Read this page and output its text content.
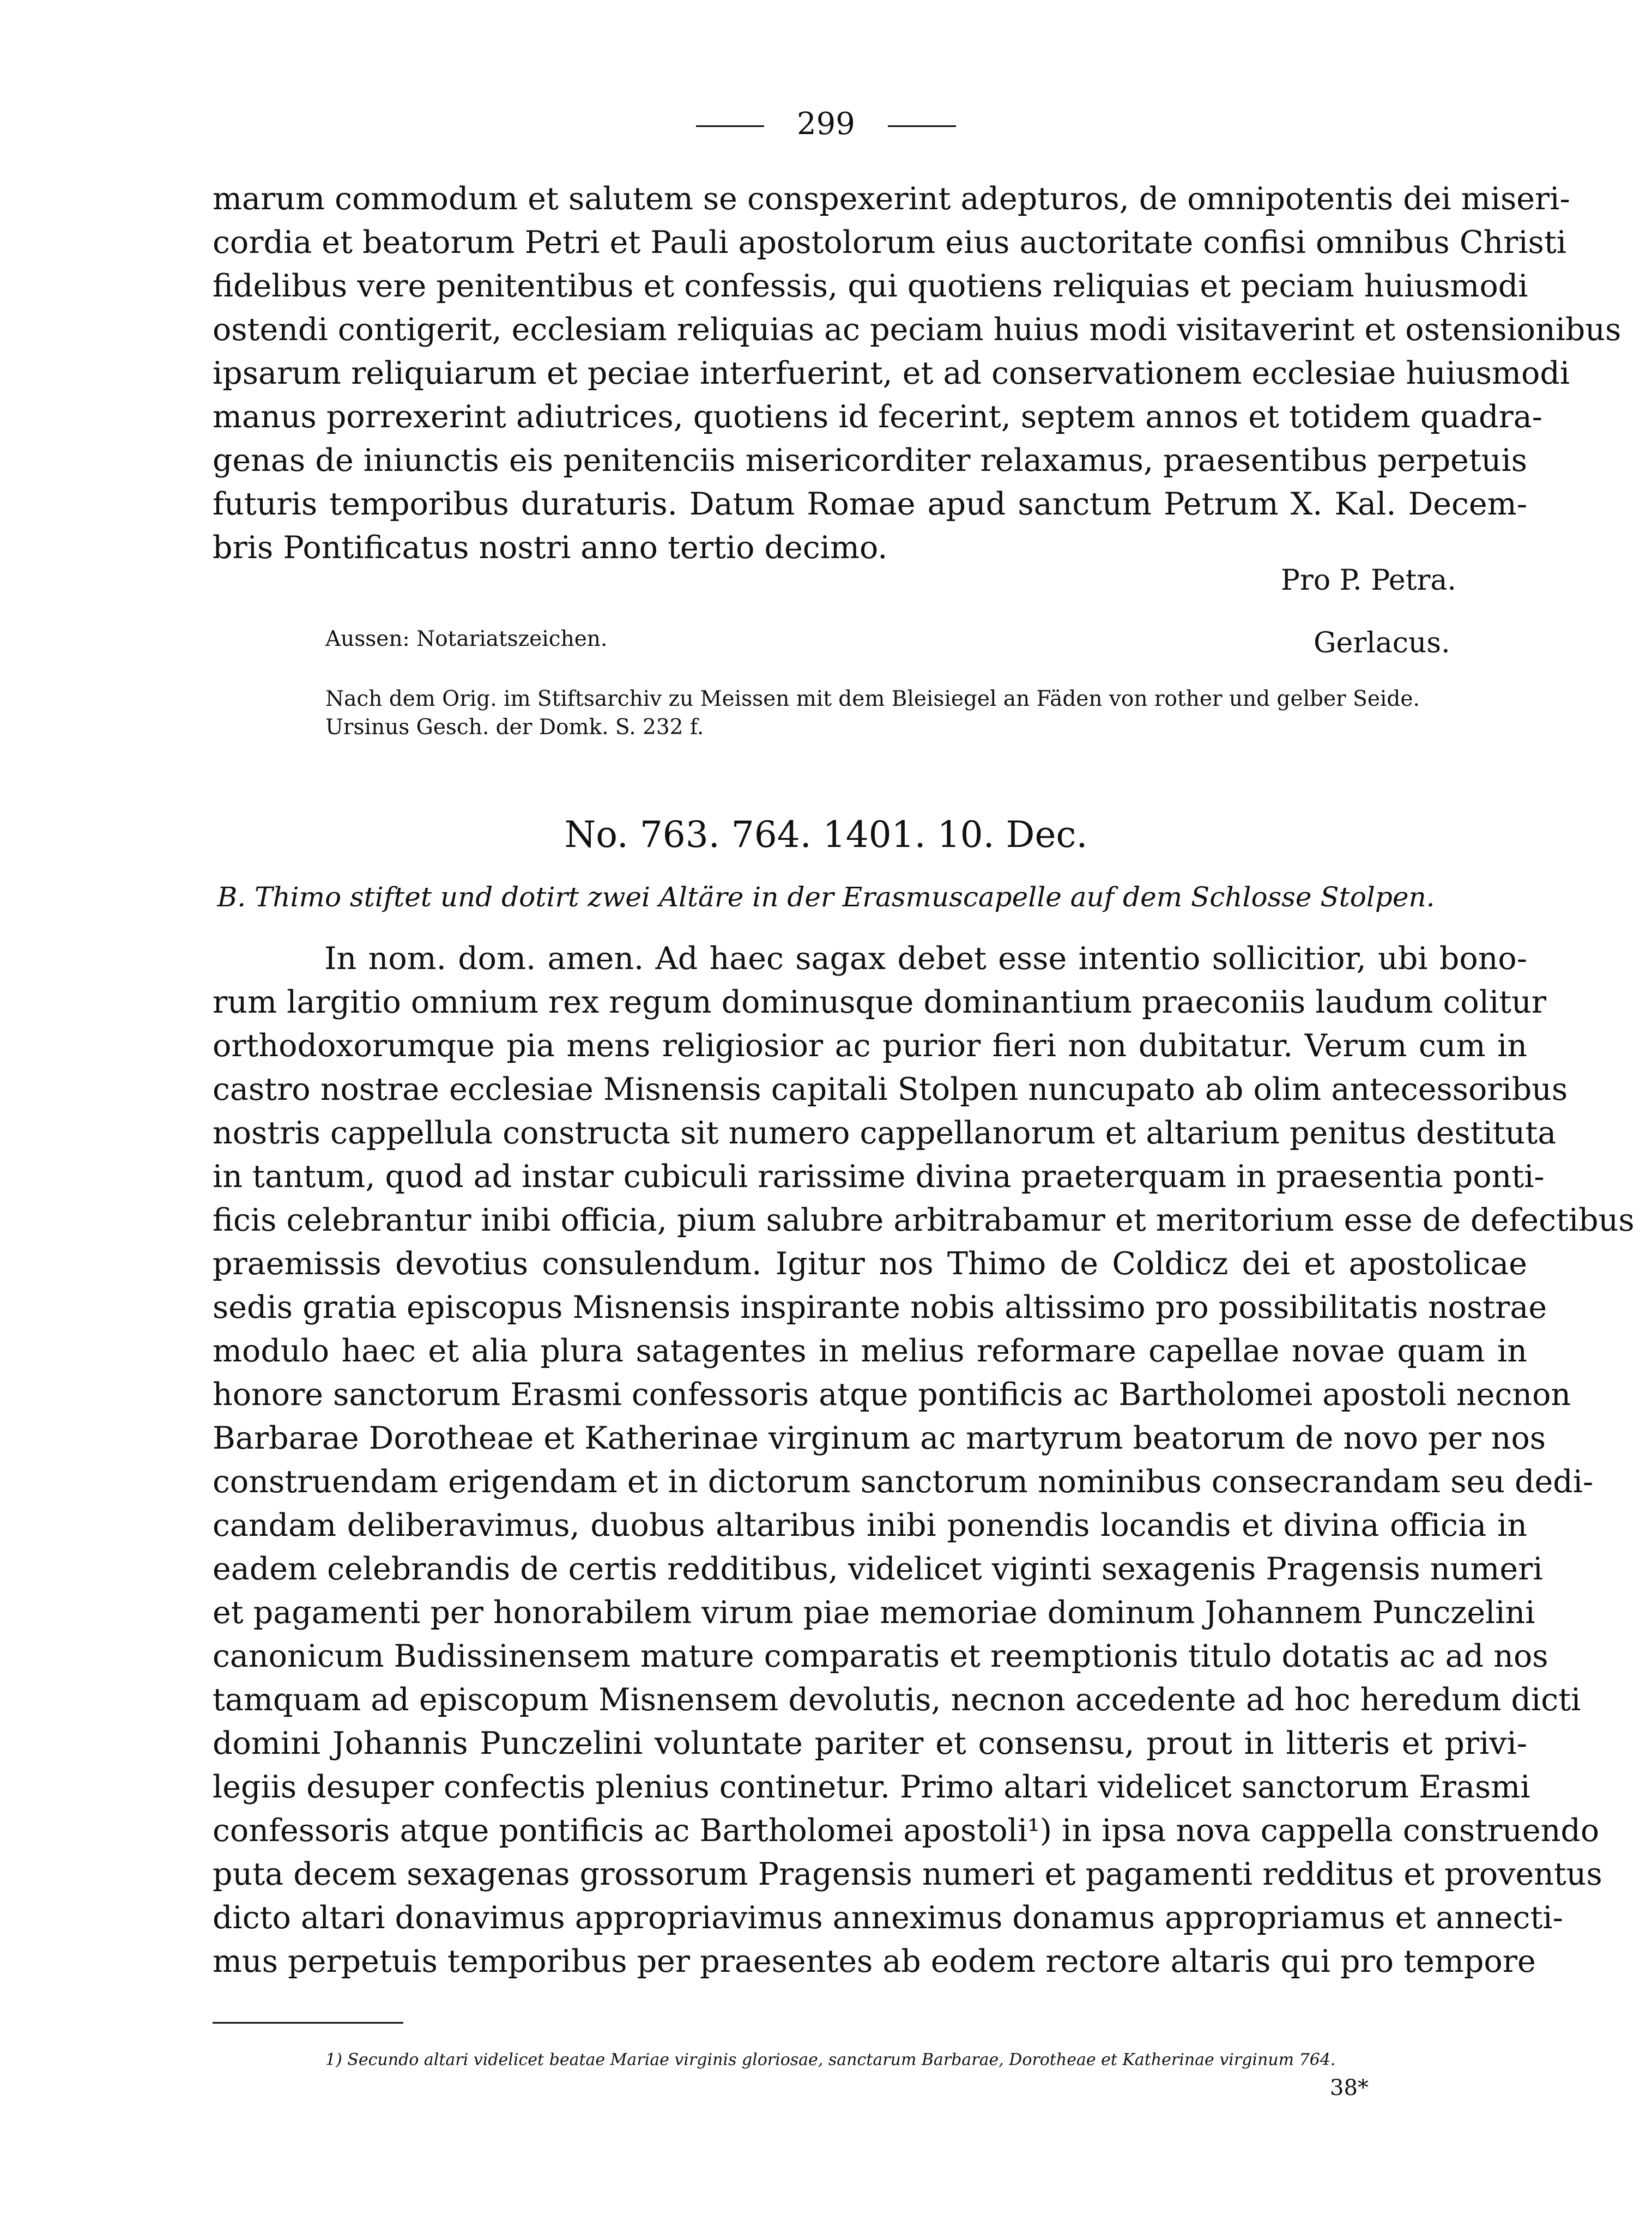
299
marum commodum et salutem se conspexerint adepturos, de omnipotentis dei miseri-
cordia et beatorum Petri et Pauli apostolorum eius auctoritate confisi omnibus Christi
fidelibus vere penitentibus et confessis, qui quotiens reliquias et peciam huiusmodi
ostendi contigerit, ecclesiam reliquias ac peciam huius modi visitaverint et ostensionibus
ipsarum reliquiarum et peciae interfuerint, et ad conservationem ecclesiae huiusmodi
manus porrexerint adiutrices, quotiens id fecerint, septem annos et totidem quadra-
genas de iniunctis eis penitenciis misericorditer relaxamus, praesentibus perpetuis
futuris temporibus duraturis. Datum Romae apud sanctum Petrum X. Kal. Decem-
bris Pontificatus nostri anno tertio decimo.
Pro P. Petra.
Aussen: Notariatszeichen.	Gerlacus.
Nach dem Orig. im Stiftsarchiv zu Meissen mit dem Bleisiegel an Fäden von rother und gelber Seide.
Ursinus Gesch. der Domk. S. 232 f.
No. 763. 764. 1401. 10. Dec.
B. Thimo stiftet und dotirt zwei Altäre in der Erasmuscapelle auf dem Schlosse Stolpen.
In nom. dom. amen. Ad haec sagax debet esse intentio sollicitior, ubi bono-
rum largitio omnium rex regum dominusque dominantium praeconiis laudum colitur
orthodoxorumque pia mens religiosior ac purior fieri non dubitatur. Verum cum in
castro nostrae ecclesiae Misnensis capitali Stolpen nuncupato ab olim antecessoribus
nostris cappellula constructa sit numero cappellanorum et altarium penitus destituta
in tantum, quod ad instar cubiculi rarissime divina praeterquam in praesentia ponti-
ficis celebrantur inibi officia, pium salubre arbitrabamur et meritorium esse de defectibus
praemissis devotius consulendum. Igitur nos Thimo de Coldicz dei et apostolicae
sedis gratia episcopus Misnensis inspirante nobis altissimo pro possibilitatis nostrae
modulo haec et alia plura satagentes in melius reformare capellae novae quam in
honore sanctorum Erasmi confessoris atque pontificis ac Bartholomei apostoli necnon
Barbarae Dorotheae et Katherinae virginum ac martyrum beatorum de novo per nos
construendam erigendam et in dictorum sanctorum nominibus consecrandam seu dedi-
candam deliberavimus, duobus altaribus inibi ponendis locandis et divina officia in
eadem celebrandis de certis redditibus, videlicet viginti sexagenis Pragensis numeri
et pagamenti per honorabilem virum piae memoriae dominum Johannem Punczelini
canonicum Budissinensem mature comparatis et reemptionis titulo dotatis ac ad nos
tamquam ad episcopum Misnensem devolutis, necnon accedente ad hoc heredum dicti
domini Johannis Punczelini voluntate pariter et consensu, prout in litteris et privi-
legiis desuper confectis plenius continetur. Primo altari videlicet sanctorum Erasmi
confessoris atque pontificis ac Bartholomei apostoli¹) in ipsa nova cappella construendo
puta decem sexagenas grossorum Pragensis numeri et pagamenti redditus et proventus
dicto altari donavimus appropriavimus anneximus donamus appropriamus et annecti-
mus perpetuis temporibus per praesentes ab eodem rectore altaris qui pro tempore
1) Secundo altari videlicet beatae Mariae virginis gloriosae, sanctarum Barbarae, Dorotheae et Katherinae virginum 764.
38*
